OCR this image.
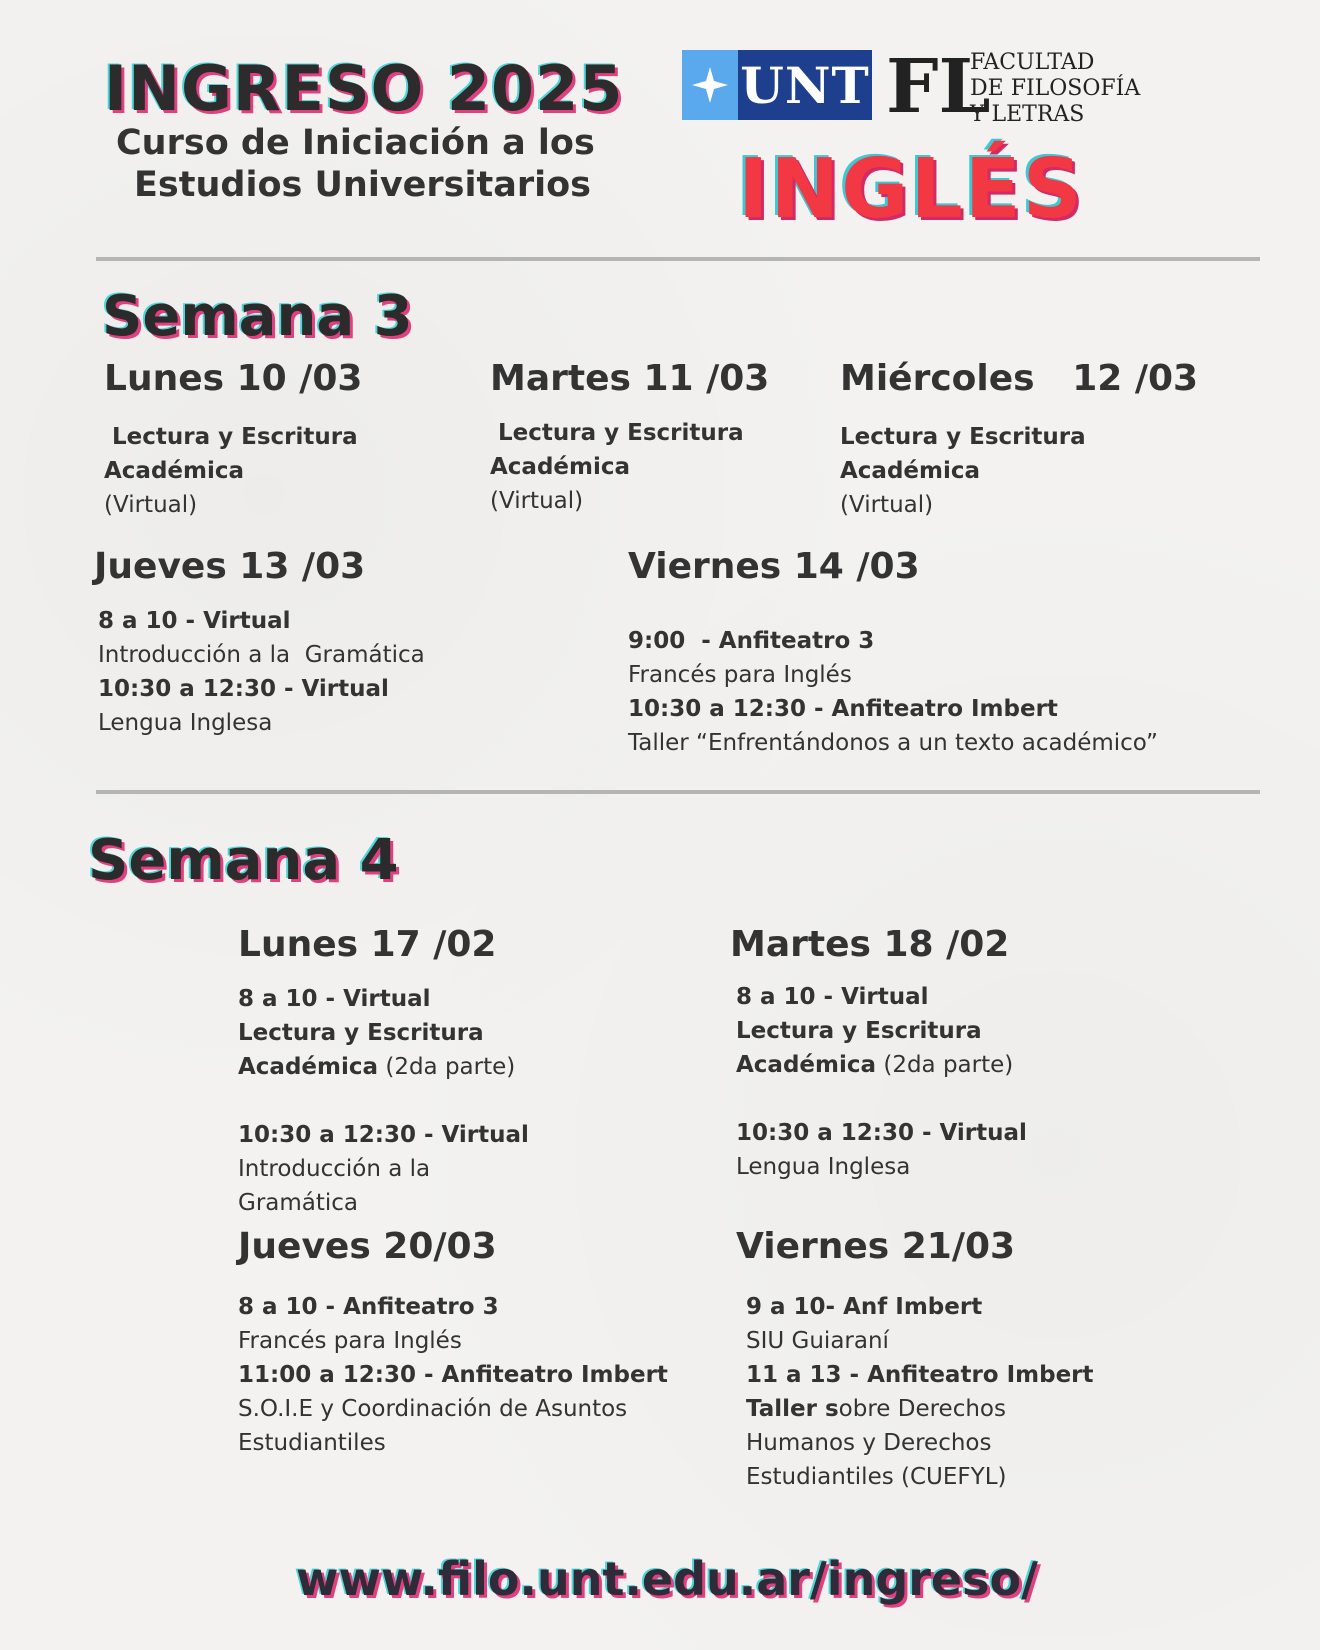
INGRESO 2025
Curso de Iniciación a los
Estudios Universitarios
UNT FL
FACULTAD
DE FILOSOFÍA
Y LETRAS
INGLÉS
Semana 3
Lunes 10 /03
Lectura y Escritura
Académica
(Virtual)
Martes 11 /03
Lectura y Escritura
Académica
(Virtual)
Miércoles   12 /03
Lectura y Escritura
Académica
(Virtual)
Jueves 13 /03
8 a 10 - Virtual
Introducción a la  Gramática
10:30 a 12:30 - Virtual
Lengua Inglesa
Viernes 14 /03
9:00  - Anfiteatro 3
Francés para Inglés
10:30 a 12:30 - Anfiteatro Imbert
Taller “Enfrentándonos a un texto académico”
Semana 4
Lunes 17 /02
8 a 10 - Virtual
Lectura y Escritura
Académica (2da parte)
10:30 a 12:30 - Virtual
Introducción a la
Gramática
Martes 18 /02
8 a 10 - Virtual
Lectura y Escritura
Académica (2da parte)
10:30 a 12:30 - Virtual
Lengua Inglesa
Jueves 20/03
8 a 10 - Anfiteatro 3
Francés para Inglés
11:00 a 12:30 - Anfiteatro Imbert
S.O.I.E y Coordinación de Asuntos
Estudiantiles
Viernes 21/03
9 a 10- Anf Imbert
SIU Guiaraní
11 a 13 - Anfiteatro Imbert
Taller sobre Derechos
Humanos y Derechos
Estudiantiles (CUEFYL)
www.filo.unt.edu.ar/ingreso/
